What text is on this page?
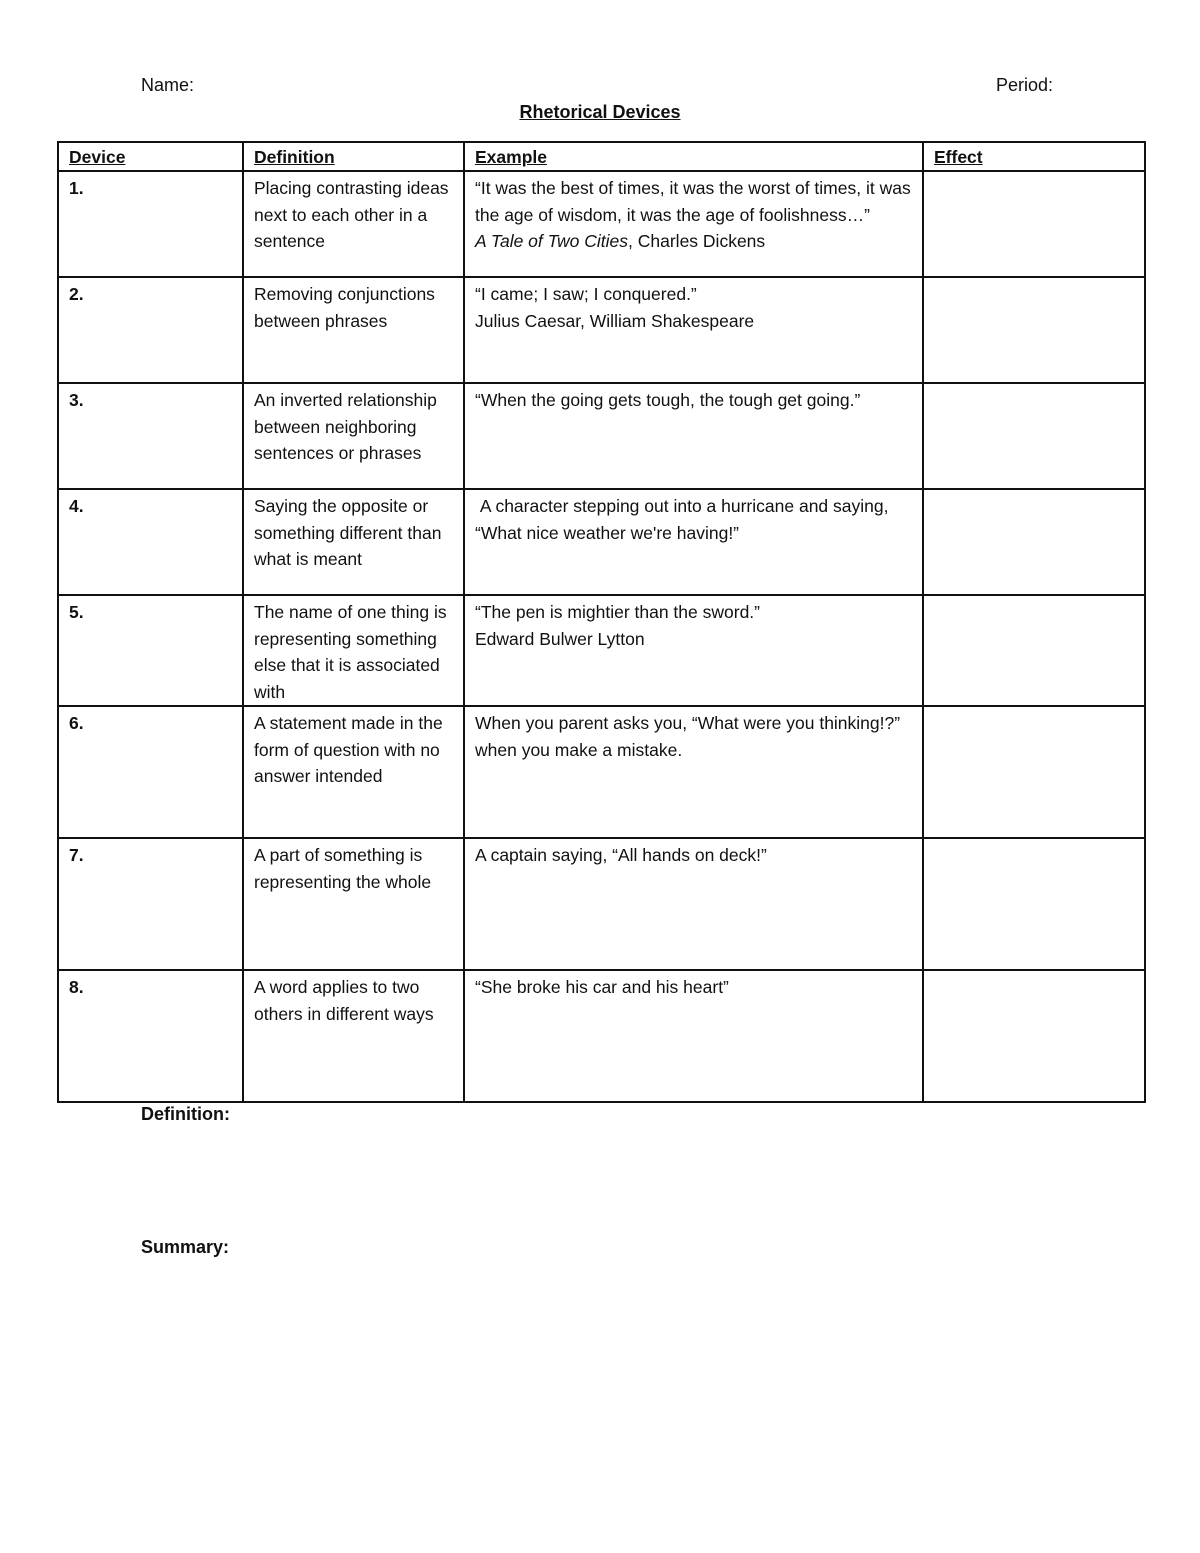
Name:	Period:
Rhetorical Devices
Device	Definition	Example	Effect
1.	Placing contrasting ideas next to each other in a sentence	“It was the best of times, it was the worst of times, it was the age of wisdom, it was the age of foolishness…”
A Tale of Two Cities, Charles Dickens	

2.	Removing conjunctions between phrases	“I came; I saw; I conquered.”
Julius Caesar, William Shakespeare	

3.	An inverted relationship between neighboring sentences or phrases	“When the going gets tough, the tough get going.”	

4.	Saying the opposite or something different than what is meant	A character stepping out into a hurricane and saying, “What nice weather we're having!”	

5.	The name of one thing is representing something else that it is associated with	“The pen is mightier than the sword.”
Edward Bulwer Lytton	

6.	A statement made in the form of question with no answer intended	When you parent asks you, “What were you thinking!?” when you make a mistake.	

7.	A part of something is representing the whole	A captain saying, “All hands on deck!”	

8.	A word applies to two others in different ways	“She broke his car and his heart”	

Definition:
Summary:
